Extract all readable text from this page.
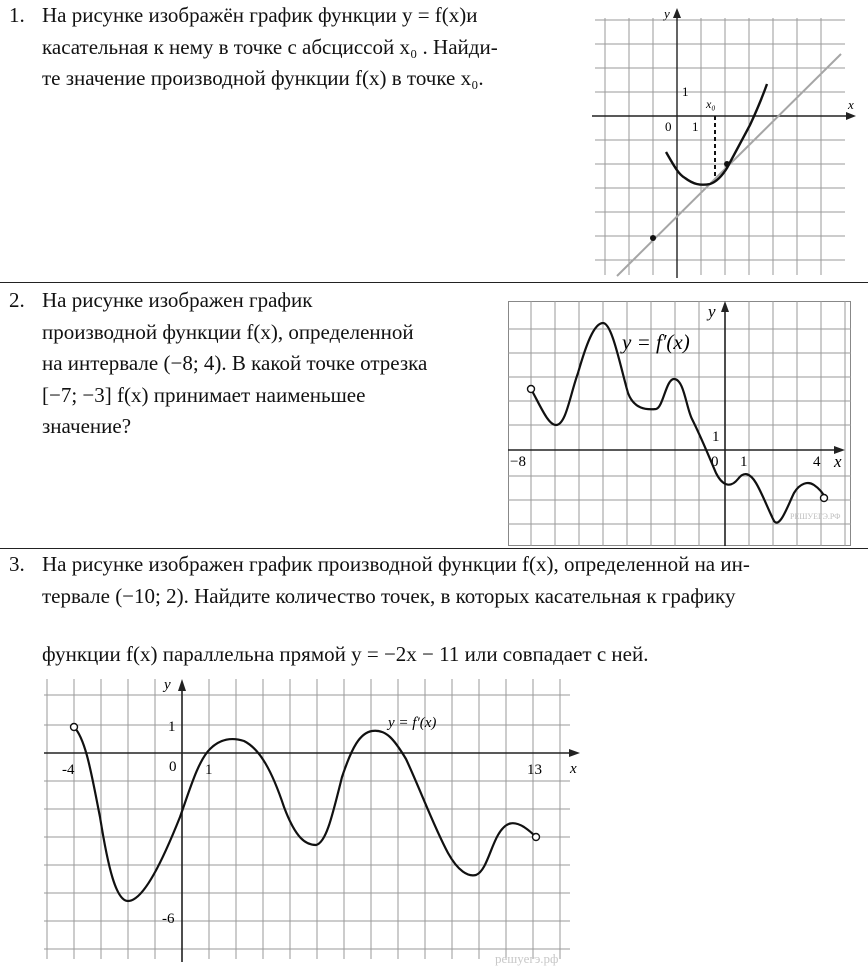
1. На рисунке изображён график функции y = f(x)и
касательная к нему в точке с абсциссой x₀ . Найди-
те значение производной функции f(x) в точке x₀.
x
y
0 1
1
x₀
2. На рисунке изображен график
производной функции f(x), определенной
на интервале (−8; 4). В какой точке отрезка
[−7; −3] f(x) принимает наименьшее
значение?
x
y
y = f′(x)
−8	0 1	4
1
РЕШУЕГЭ.РФ
3. На рисунке изображен график производной функции f(x), определенной на ин-
тервале (−10; 2). Найдите количество точек, в которых касательная к графику
функции f(x) параллельна прямой y = −2x − 11 или совпадает с ней.
x
y
y = f′(x)
-4	0 1	13
1
-6
решуегэ.рф
